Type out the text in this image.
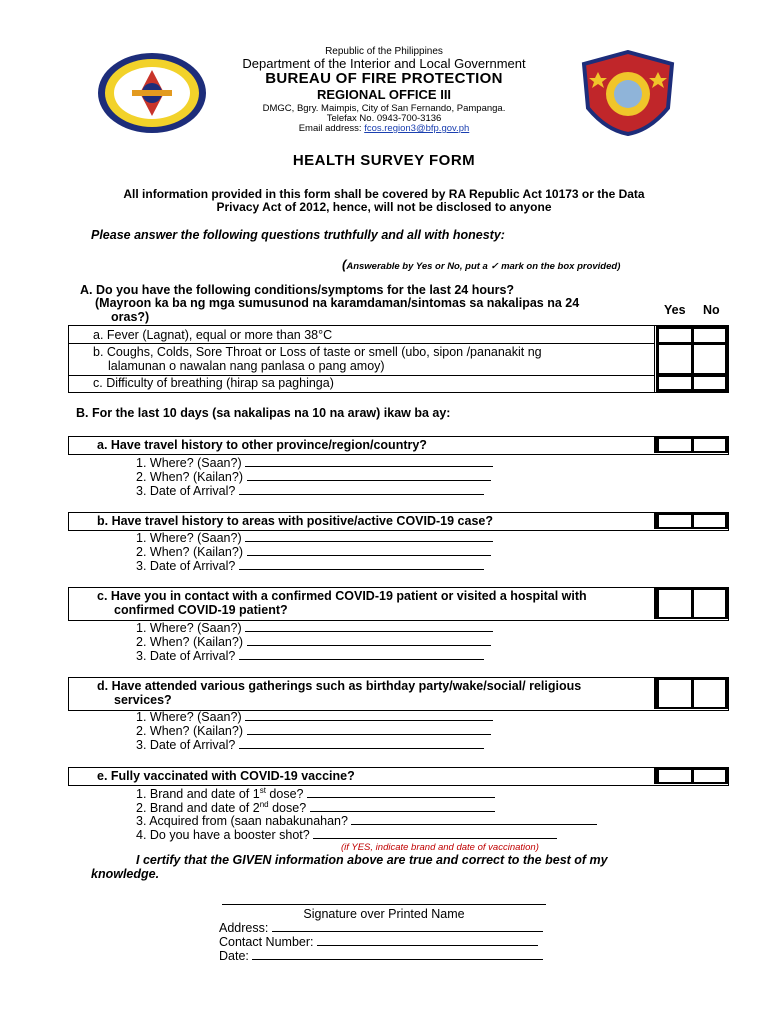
Republic of the Philippines
Department of the Interior and Local Government
BUREAU OF FIRE PROTECTION
REGIONAL OFFICE III
DMGC, Bgry. Maimpis, City of San Fernando, Pampanga.
Telefax No. 0943-700-3136
Email address: fcos.region3@bfp.gov.ph
HEALTH SURVEY FORM
All information provided in this form shall be covered by RA Republic Act 10173 or the Data
Privacy Act of 2012, hence, will not be disclosed to anyone
Please answer the following questions truthfully and all with honesty:
(Answerable by Yes or No, put a ✓ mark on the box provided)
A. Do you have the following conditions/symptoms for the last 24 hours?
(Mayroon ka ba ng mga sumusunod na karamdaman/sintomas sa nakalipas na 24
oras?)	Yes No
a. Fever (Lagnat), equal or more than 38°C
b. Coughs, Colds, Sore Throat or Loss of taste or smell (ubo, sipon /pananakit ng
lalamunan o nawalan nang panlasa o pang amoy)
c. Difficulty of breathing (hirap sa paghinga)
B. For the last 10 days (sa nakalipas na 10 na araw) ikaw ba ay:
a. Have travel history to other province/region/country?
1. Where? (Saan?)
2. When? (Kailan?)
3. Date of Arrival?
b. Have travel history to areas with positive/active COVID-19 case?
1. Where? (Saan?)
2. When? (Kailan?)
3. Date of Arrival?
c. Have you in contact with a confirmed COVID-19 patient or visited a hospital with
confirmed COVID-19 patient?
1. Where? (Saan?)
2. When? (Kailan?)
3. Date of Arrival?
d. Have attended various gatherings such as birthday party/wake/social/ religious
services?
1. Where? (Saan?)
2. When? (Kailan?)
3. Date of Arrival?
e. Fully vaccinated with COVID-19 vaccine?
1. Brand and date of 1st dose?
2. Brand and date of 2nd dose?
3. Acquired from (saan nabakunahan?
4. Do you have a booster shot?
(if YES, indicate brand and date of vaccination)
I certify that the GIVEN information above are true and correct to the best of my
knowledge.
Signature over Printed Name
Address:
Contact Number:
Date:
